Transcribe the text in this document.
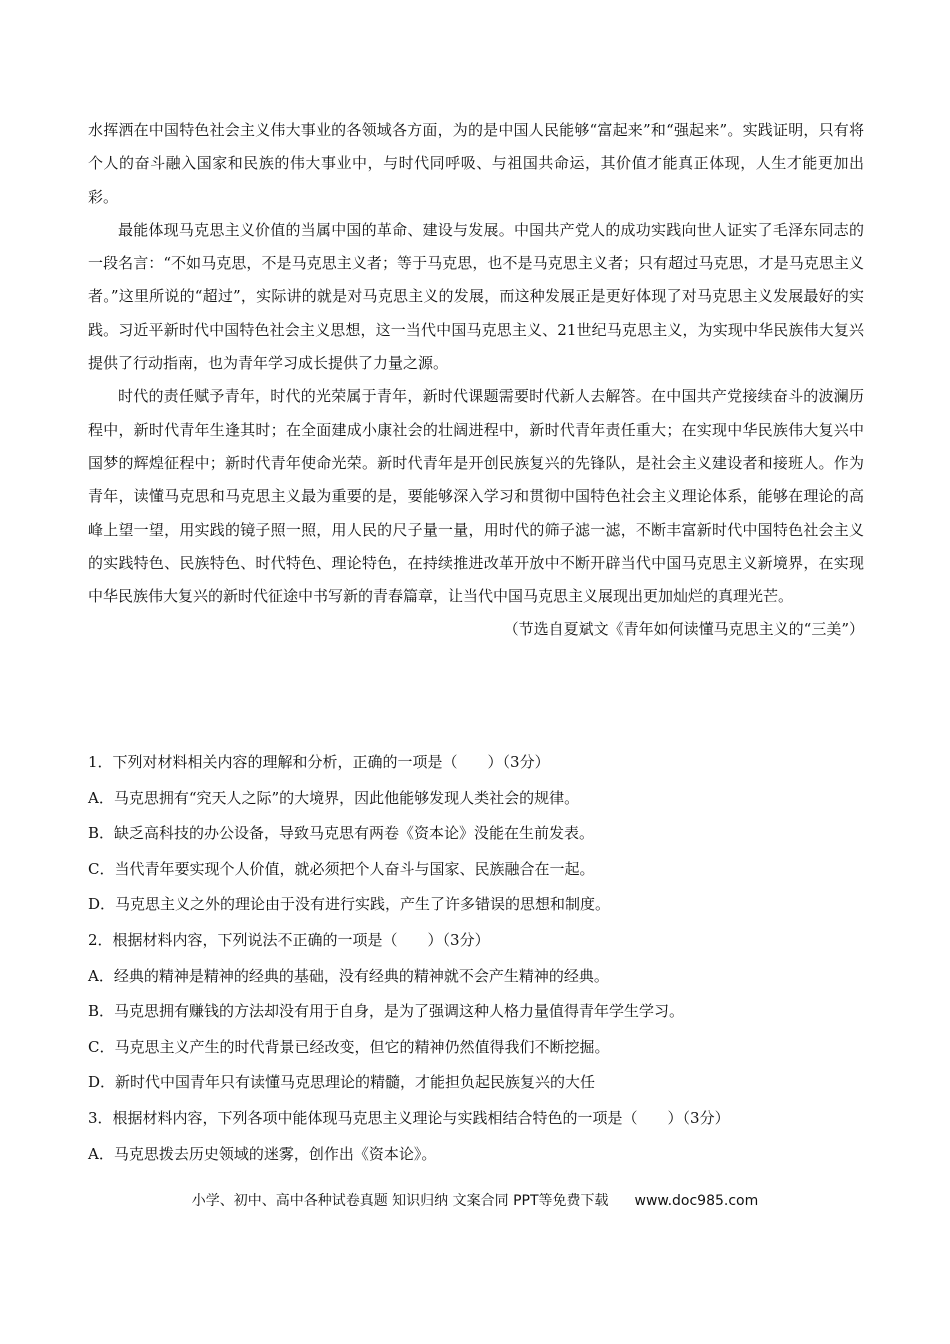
水挥洒在中国特色社会主义伟大事业的各领域各方面，为的是中国人民能够“富起来”和“强起来”。实践证明，只有将个人的奋斗融入国家和民族的伟大事业中，与时代同呼吸、与祖国共命运，其价值才能真正体现，人生才能更加出彩。

最能体现马克思主义价值的当属中国的革命、建设与发展。中国共产党人的成功实践向世人证实了毛泽东同志的一段名言：“不如马克思，不是马克思主义者；等于马克思，也不是马克思主义者；只有超过马克思，才是马克思主义者。”这里所说的“超过”，实际讲的就是对马克思主义的发展，而这种发展正是更好体现了对马克思主义发展最好的实践。习近平新时代中国特色社会主义思想，这一当代中国马克思主义、21世纪马克思主义，为实现中华民族伟大复兴提供了行动指南，也为青年学习成长提供了力量之源。

时代的责任赋予青年，时代的光荣属于青年，新时代课题需要时代新人去解答。在中国共产党接续奋斗的波澜历程中，新时代青年生逢其时；在全面建成小康社会的壮阔进程中，新时代青年责任重大；在实现中华民族伟大复兴中国梦的辉煌征程中；新时代青年使命光荣。新时代青年是开创民族复兴的先锋队，是社会主义建设者和接班人。作为青年，读懂马克思和马克思主义最为重要的是，要能够深入学习和贯彻中国特色社会主义理论体系，能够在理论的高峰上望一望，用实践的镜子照一照，用人民的尺子量一量，用时代的筛子滤一滤，不断丰富新时代中国特色社会主义的实践特色、民族特色、时代特色、理论特色，在持续推进改革开放中不断开辟当代中国马克思主义新境界，在实现中华民族伟大复兴的新时代征途中书写新的青春篇章，让当代中国马克思主义展现出更加灿烂的真理光芒。

（节选自夏斌文《青年如何读懂马克思主义的“三美”）

1．下列对材料相关内容的理解和分析，正确的一项是（　　）（3分）

A．马克思拥有“究天人之际”的大境界，因此他能够发现人类社会的规律。

B．缺乏高科技的办公设备，导致马克思有两卷《资本论》没能在生前发表。

C．当代青年要实现个人价值，就必须把个人奋斗与国家、民族融合在一起。

D．马克思主义之外的理论由于没有进行实践，产生了许多错误的思想和制度。

2．根据材料内容，下列说法不正确的一项是（　　）（3分）

A．经典的精神是精神的经典的基础，没有经典的精神就不会产生精神的经典。

B．马克思拥有赚钱的方法却没有用于自身，是为了强调这种人格力量值得青年学生学习。

C．马克思主义产生的时代背景已经改变，但它的精神仍然值得我们不断挖掘。

D．新时代中国青年只有读懂马克思理论的精髓，才能担负起民族复兴的大任

3．根据材料内容，下列各项中能体现马克思主义理论与实践相结合特色的一项是（　　）（3分）

A．马克思拨去历史领域的迷雾，创作出《资本论》。

小学、初中、高中各种试卷真题 知识归纳 文案合同 PPT等免费下载 www.doc985.com
